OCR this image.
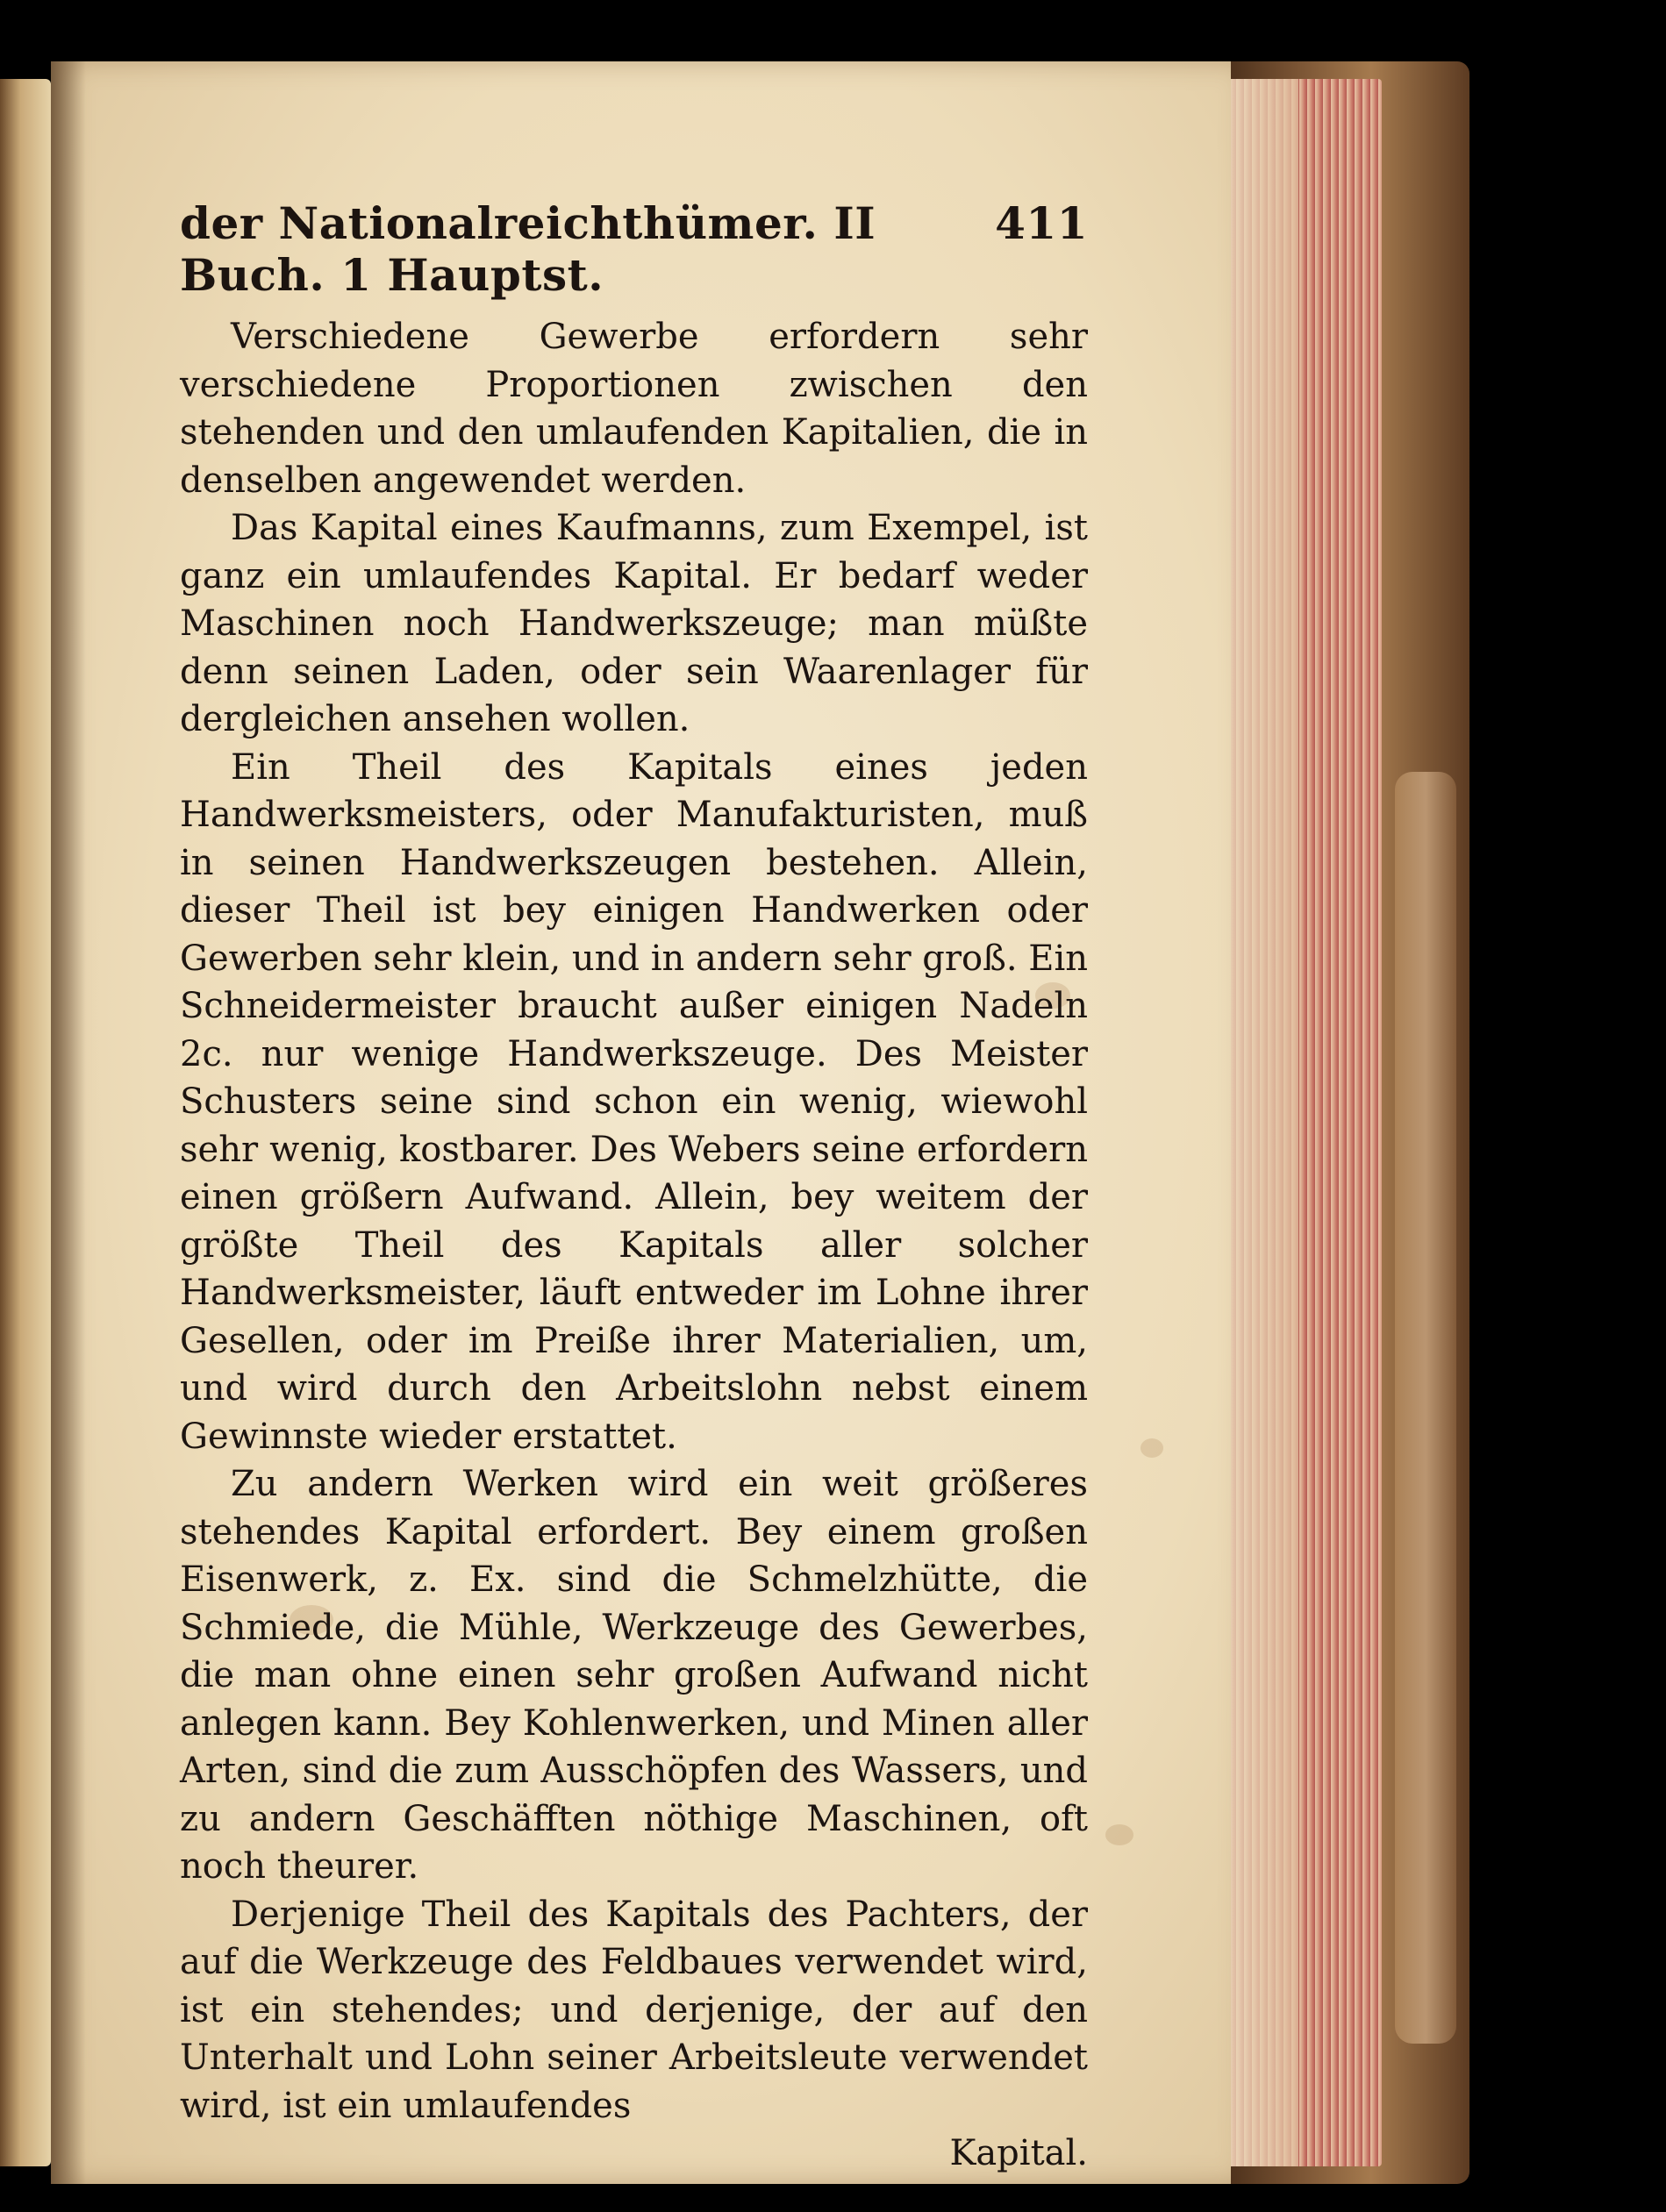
der Nationalreichthümer. II Buch. 1 Hauptst.
411

Verschiedene Gewerbe erfordern sehr verschiedene Proportionen zwischen den stehenden und den umlaufenden Kapitalien, die in denselben angewendet werden.

Das Kapital eines Kaufmanns, zum Exempel, ist ganz ein umlaufendes Kapital. Er bedarf weder Maschinen noch Handwerkszeuge; man müßte denn seinen Laden, oder sein Waarenlager für dergleichen ansehen wollen.

Ein Theil des Kapitals eines jeden Handwerksmeisters, oder Manufakturisten, muß in seinen Handwerkszeugen bestehen. Allein, dieser Theil ist bey einigen Handwerken oder Gewerben sehr klein, und in andern sehr groß. Ein Schneidermeister braucht außer einigen Nadeln 2c. nur wenige Handwerkszeuge. Des Meister Schusters seine sind schon ein wenig, wiewohl sehr wenig, kostbarer. Des Webers seine erfordern einen größern Aufwand. Allein, bey weitem der größte Theil des Kapitals aller solcher Handwerksmeister, läuft entweder im Lohne ihrer Gesellen, oder im Preiße ihrer Materialien, um, und wird durch den Arbeitslohn nebst einem Gewinnste wieder erstattet.

Zu andern Werken wird ein weit größeres stehendes Kapital erfordert. Bey einem großen Eisenwerk, z. Ex. sind die Schmelzhütte, die Schmiede, die Mühle, Werkzeuge des Gewerbes, die man ohne einen sehr großen Aufwand nicht anlegen kann. Bey Kohlenwerken, und Minen aller Arten, sind die zum Ausschöpfen des Wassers, und zu andern Geschäfften nöthige Maschinen, oft noch theurer.

Derjenige Theil des Kapitals des Pachters, der auf die Werkzeuge des Feldbaues verwendet wird, ist ein stehendes; und derjenige, der auf den Unterhalt und Lohn seiner Arbeitsleute verwendet wird, ist ein umlaufendes

Kapital.
